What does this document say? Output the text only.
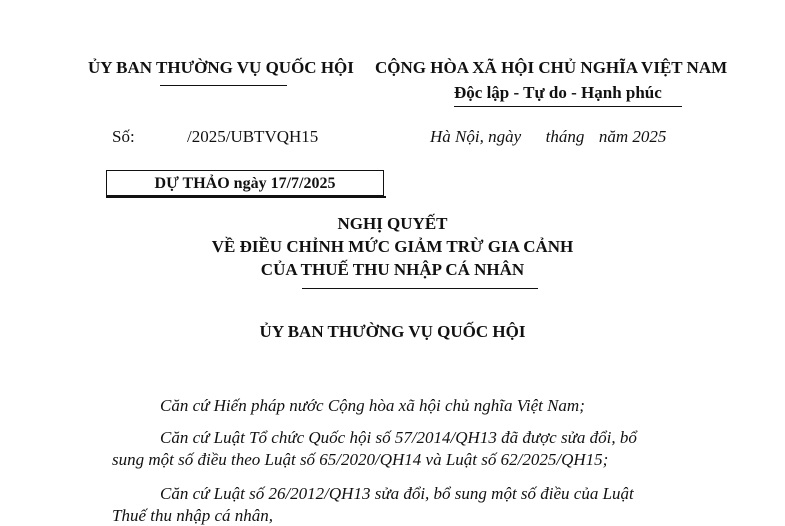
ỦY BAN THƯỜNG VỤ QUỐC HỘI CỘNG HÒA XÃ HỘI CHỦ NGHĨA VIỆT NAM
Độc lập - Tự do - Hạnh phúc
Số:	/2025/UBTVQH15	Hà Nội, ngày tháng năm 2025
DỰ THẢO ngày 17/7/2025
NGHỊ QUYẾT
VỀ ĐIỀU CHỈNH MỨC GIẢM TRỪ GIA CẢNH
CỦA THUẾ THU NHẬP CÁ NHÂN
ỦY BAN THƯỜNG VỤ QUỐC HỘI
Căn cứ Hiến pháp nước Cộng hòa xã hội chủ nghĩa Việt Nam;
Căn cứ Luật Tổ chức Quốc hội số 57/2014/QH13 đã được sửa đổi, bổ
sung một số điều theo Luật số 65/2020/QH14 và Luật số 62/2025/QH15;
Căn cứ Luật số 26/2012/QH13 sửa đổi, bổ sung một số điều của Luật
Thuế thu nhập cá nhân,
